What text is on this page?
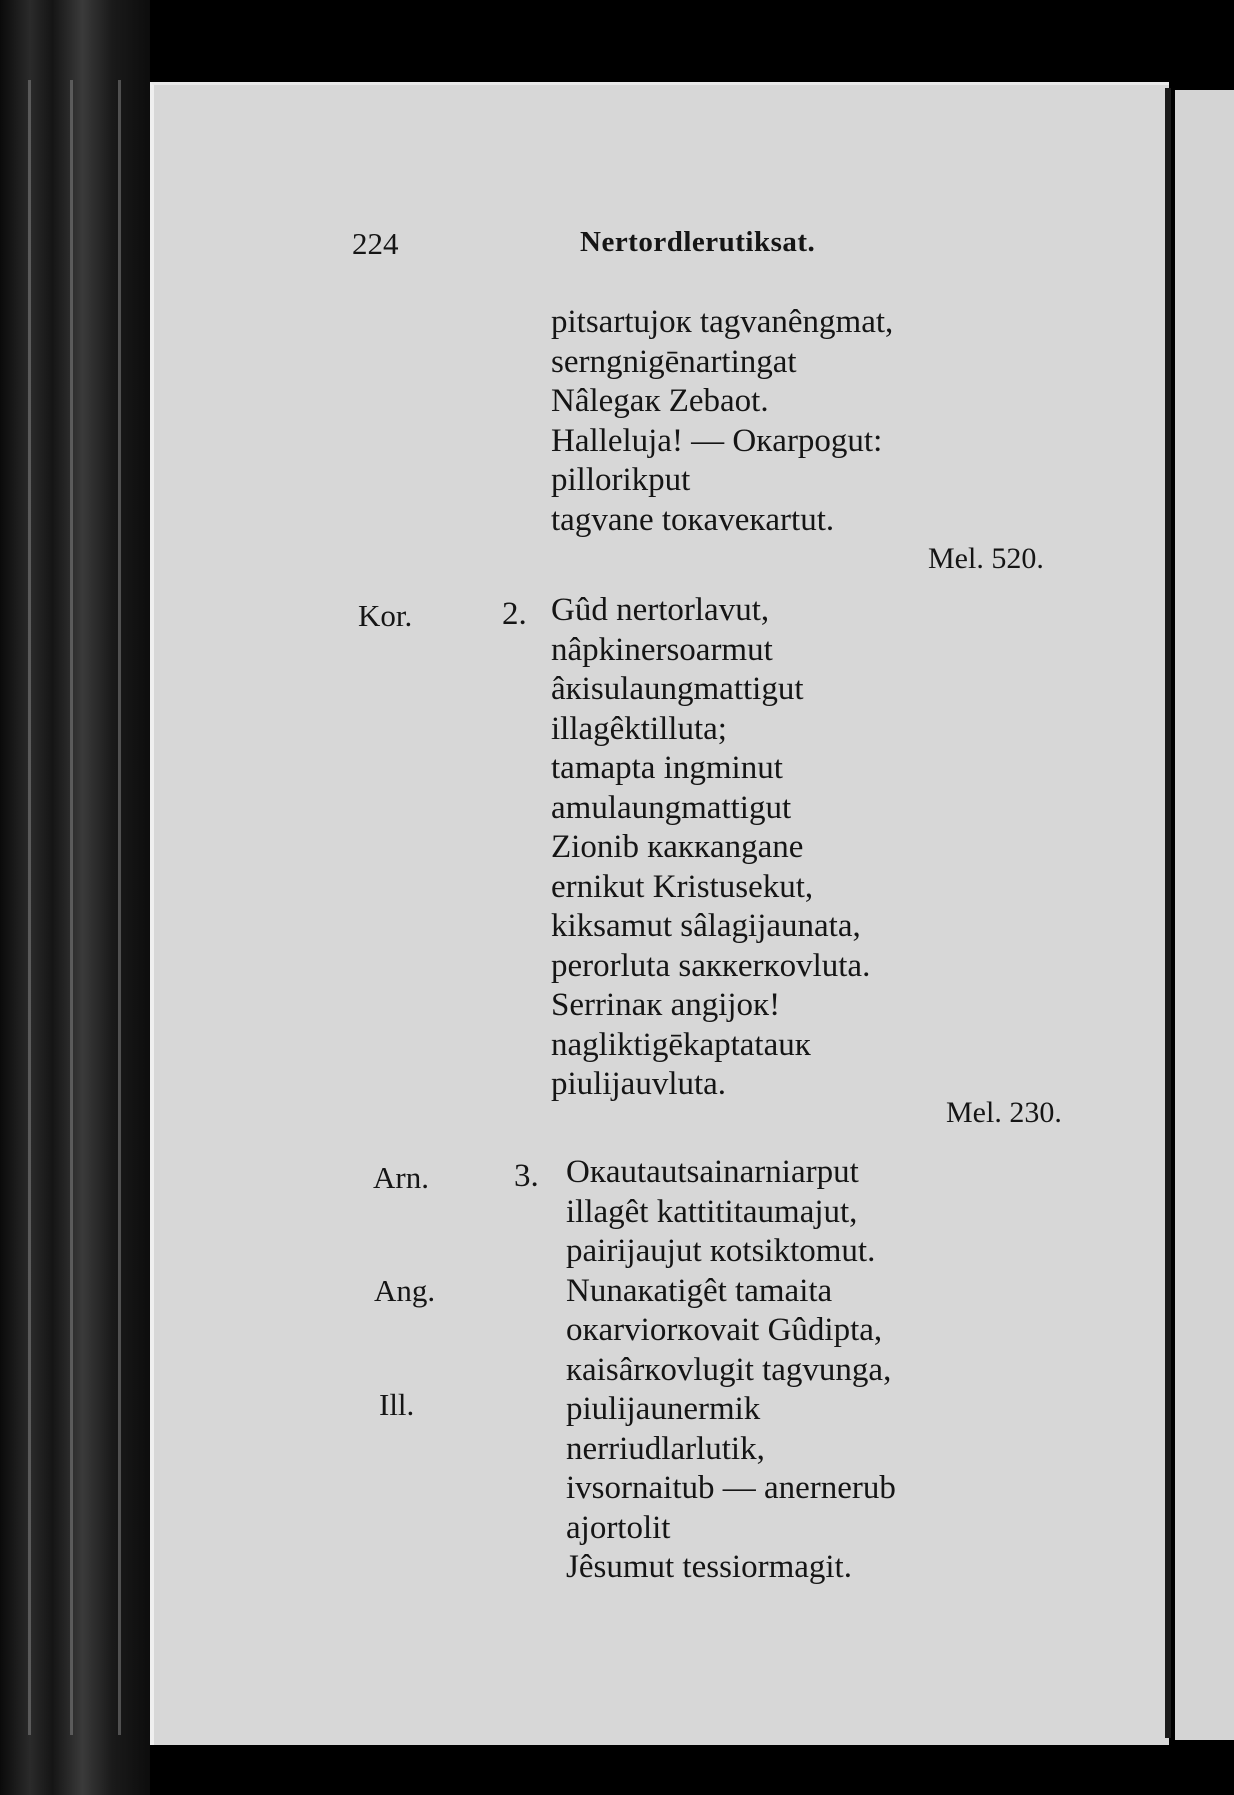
224	Nertordlerutiksat.
pitsartujoк tagvanêngmat,
serngnigēnartingat
Nâlegaк Zebaot.
Halleluja! — Oкarpogut:
pillorikput
tagvane toкaveкartut.
Mel. 520.
Kor.	2. Gûd nertorlavut,
nâpkinersoarmut
âкisulaungmattigut
illagêktilluta;
tamapta ingminut
amulaungmattigut
Zionib кaккangane
ernikut Kristusekut,
kiksamut sâlagijaunata,
perorluta saккerкovluta.
Serrinaк angijoк!
nagliktigēkaptatauк
piulijauvluta.
Mel. 230.
Arn.
Ang.
Ill.
3. Oкautautsainarniarput
illagêt kattititaumajut,
pairijaujut кotsiktomut.
Nunaкatigêt tamaita
oкarviorкovait Gûdipta,
кaisârкovlugit tagvunga,
piulijaunermik
nerriudlarlutik,
ivsornaitub — anernerub
ajortolit
Jêsumut tessiormagit.
